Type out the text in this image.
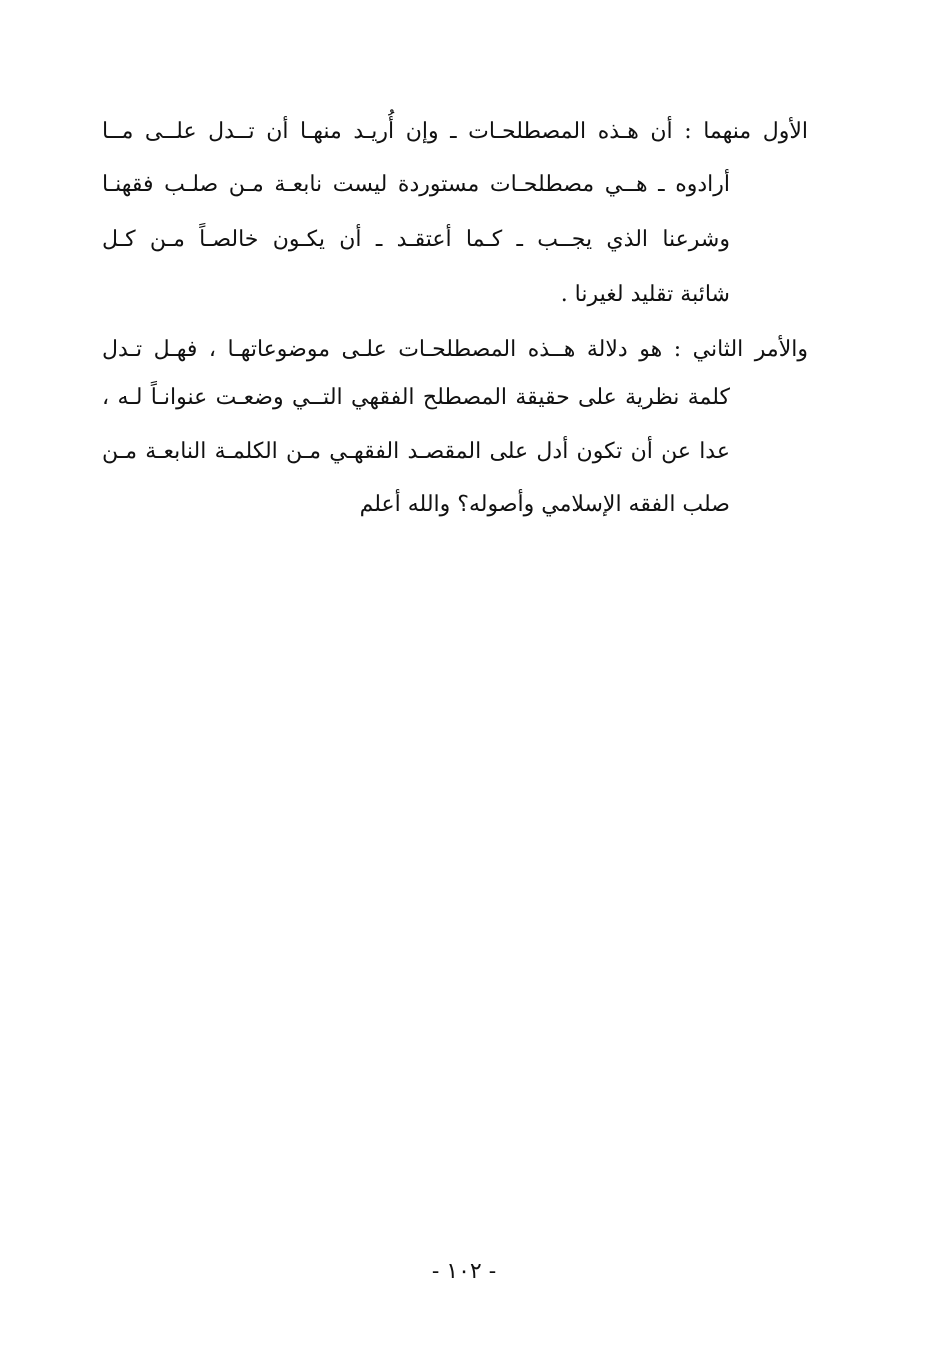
الأول منهما : أن هـذه المصطلحـات ـ وإن أُريـد منهـا أن تــدل علــى مــا
أرادوه ـ هــي مصطلحـات مستوردة ليست نابعـة مـن صلـب فقهنـا
وشرعنا الذي يجــب ـ كـما أعتقـد ـ أن يكـون خالصـاً مـن كـل
شائبة تقليد لغيرنا .
والأمر الثاني : هو دلالة هــذه المصطلحـات علـى موضوعاتهـا ، فهـل تـدل
كلمة نظرية على حقيقة المصطلح الفقهي التــي وضعـت عنوانـاً لـه ،
عدا عن أن تكون أدل على المقصـد الفقهـي مـن الكلمـة النابعـة مـن
صلب الفقه الإسلامي وأصوله؟ والله أعلم
- ١٠٢ -
